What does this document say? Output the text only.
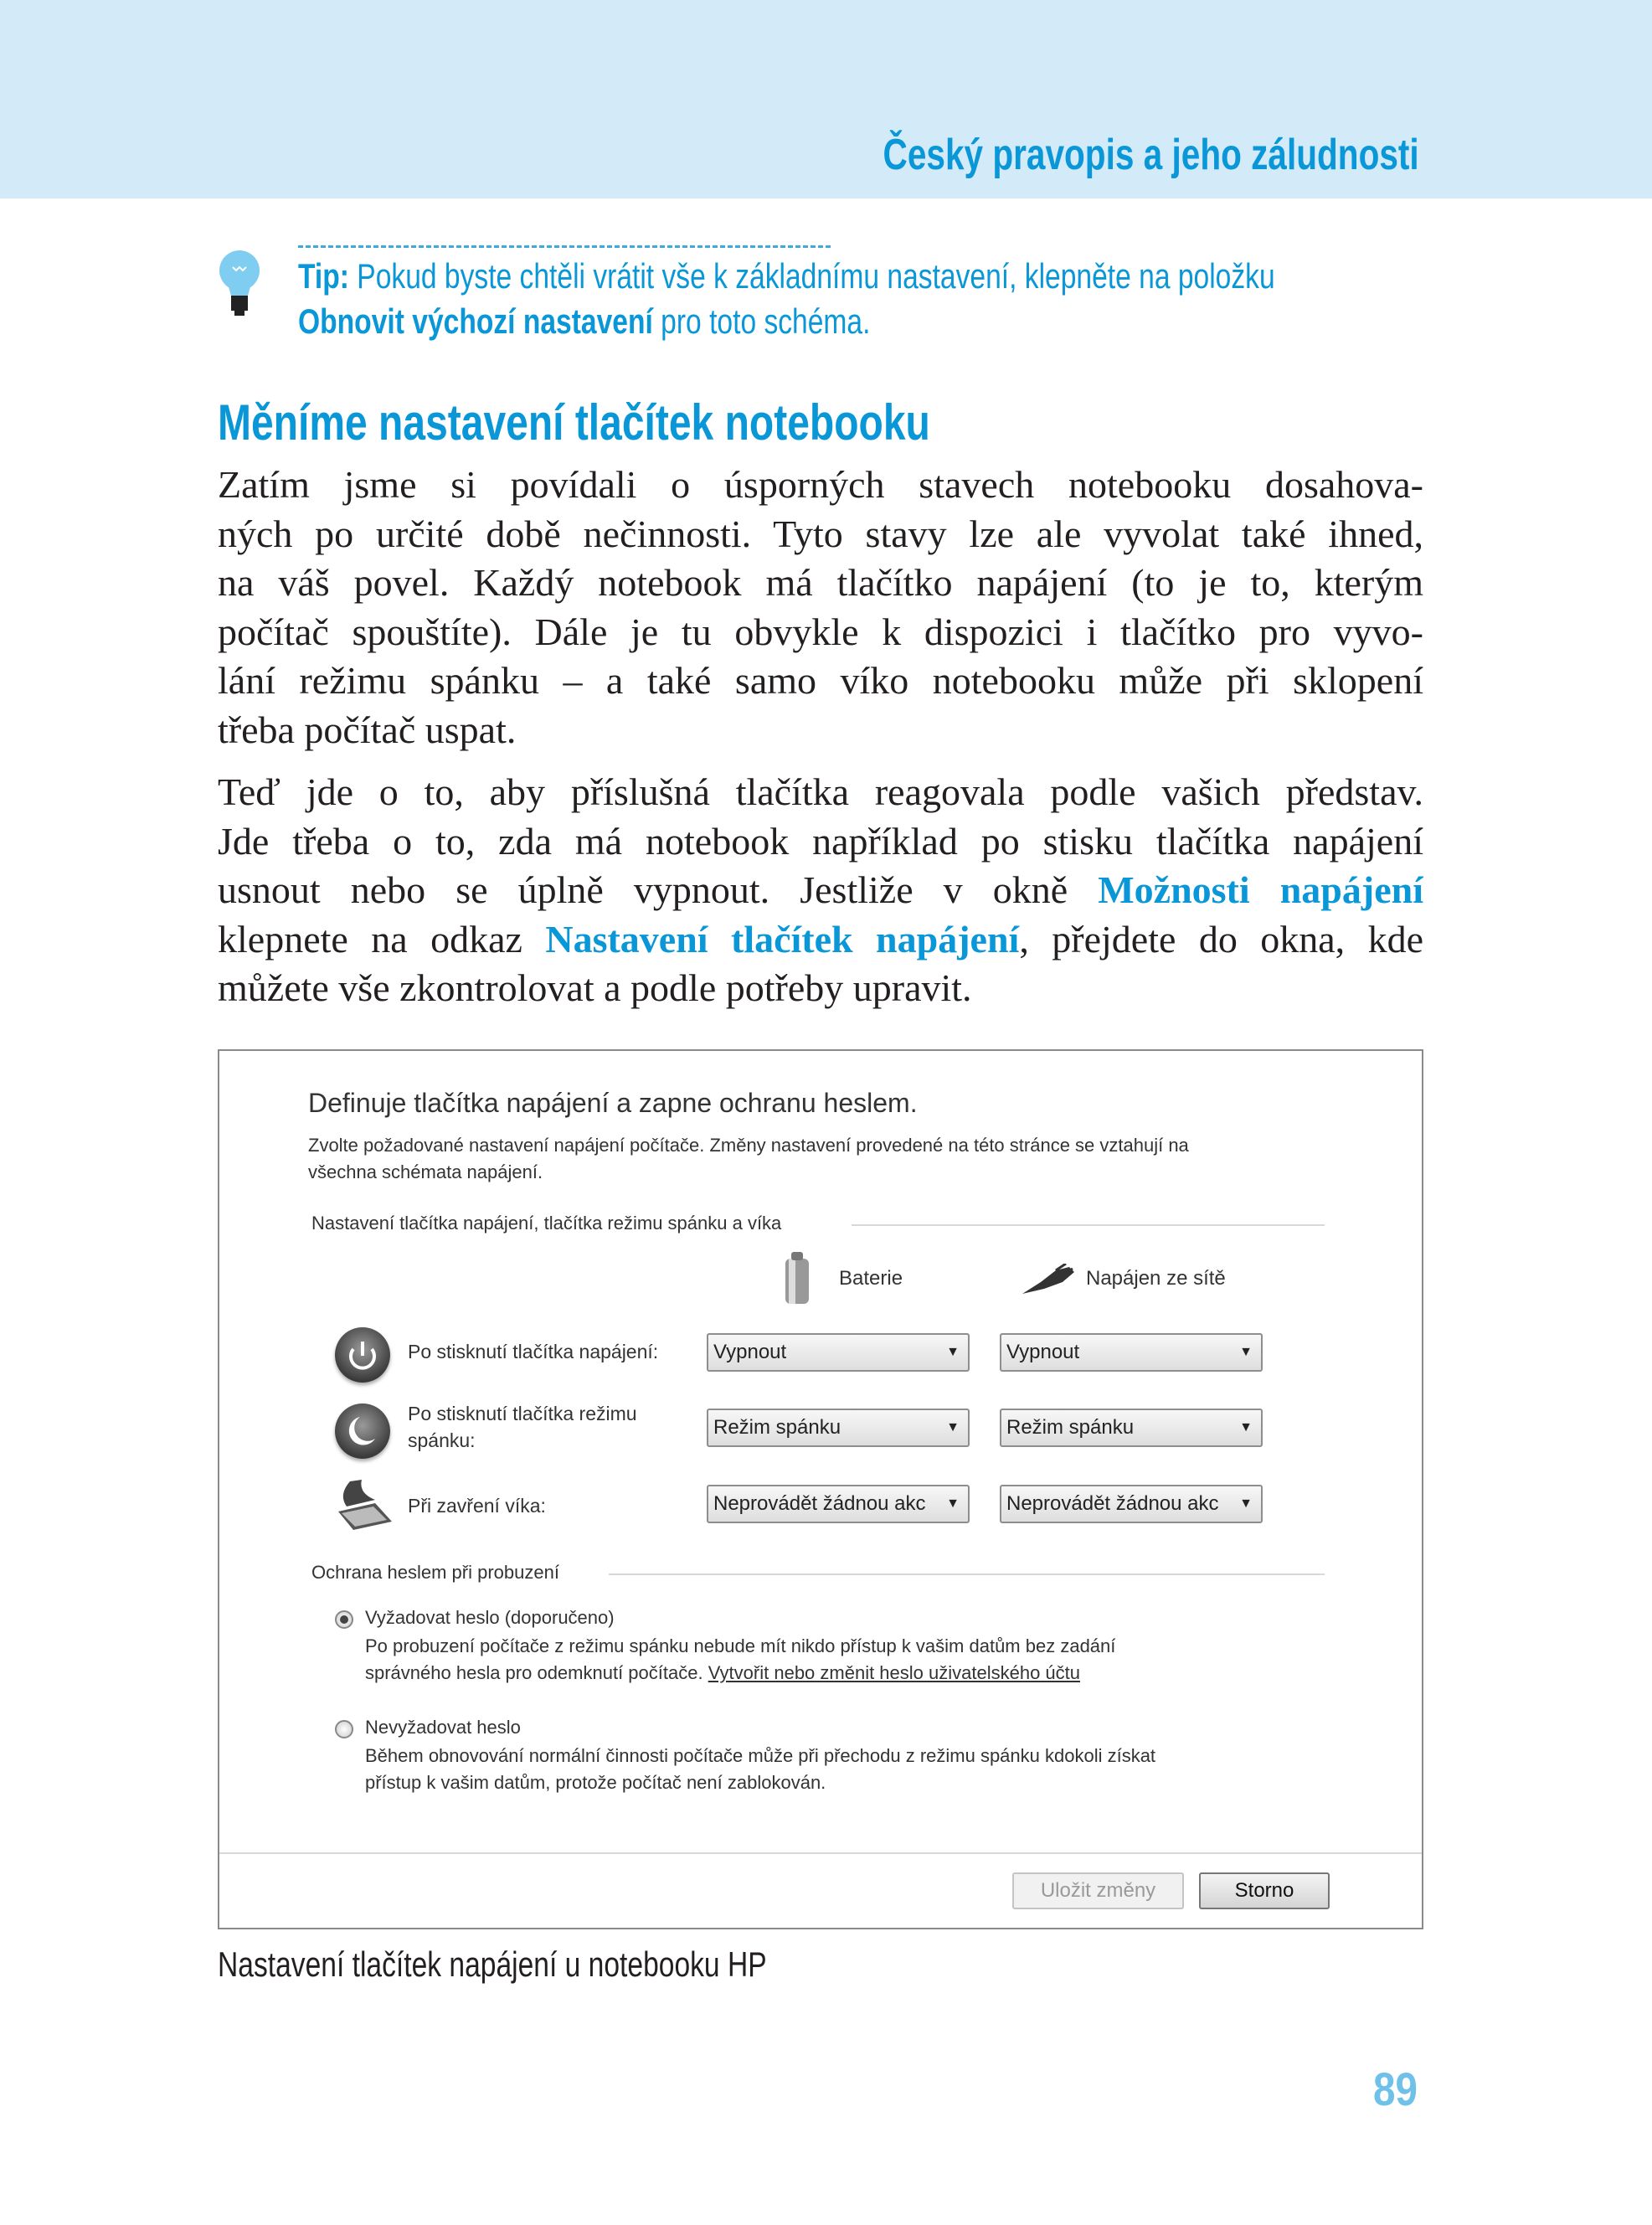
Český pravopis a jeho záludnosti
Tip: Pokud byste chtěli vrátit vše k základnímu nastavení, klepněte na položku
Obnovit výchozí nastavení pro toto schéma.
Měníme nastavení tlačítek notebooku
Zatím jsme si povídali o úsporných stavech notebooku dosahova-
ných po určité době nečinnosti. Tyto stavy lze ale vyvolat také ihned,
na váš povel. Každý notebook má tlačítko napájení (to je to, kterým
počítač spouštíte). Dále je tu obvykle k dispozici i tlačítko pro vyvo-
lání režimu spánku – a také samo víko notebooku může při sklopení
třeba počítač uspat.
Teď jde o to, aby příslušná tlačítka reagovala podle vašich představ.
Jde třeba o to, zda má notebook například po stisku tlačítka napájení
usnout nebo se úplně vypnout. Jestliže v okně Možnosti napájení
klepnete na odkaz Nastavení tlačítek napájení, přejdete do okna, kde
můžete vše zkontrolovat a podle potřeby upravit.
Definuje tlačítka napájení a zapne ochranu heslem.
Zvolte požadované nastavení napájení počítače. Změny nastavení provedené na této stránce se vztahují na
všechna schémata napájení.
Nastavení tlačítka napájení, tlačítka režimu spánku a víka
Baterie	Napájen ze sítě
Po stisknutí tlačítka napájení:	Vypnout	▼	Vypnout	▼
Po stisknutí tlačítka režimu
spánku:
Režim spánku	▼	Režim spánku	▼
Při zavření víka:	Neprovádět žádnou akc ▼	Neprovádět žádnou akc ▼
Ochrana heslem při probuzení
Vyžadovat heslo (doporučeno)
Po probuzení počítače z režimu spánku nebude mít nikdo přístup k vašim datům bez zadání
správného hesla pro odemknutí počítače. Vytvořit nebo změnit heslo uživatelského účtu
Nevyžadovat heslo
Během obnovování normální činnosti počítače může při přechodu z režimu spánku kdokoli získat
přístup k vašim datům, protože počítač není zablokován.
Uložit změny	Storno
Nastavení tlačítek napájení u notebooku HP
89
